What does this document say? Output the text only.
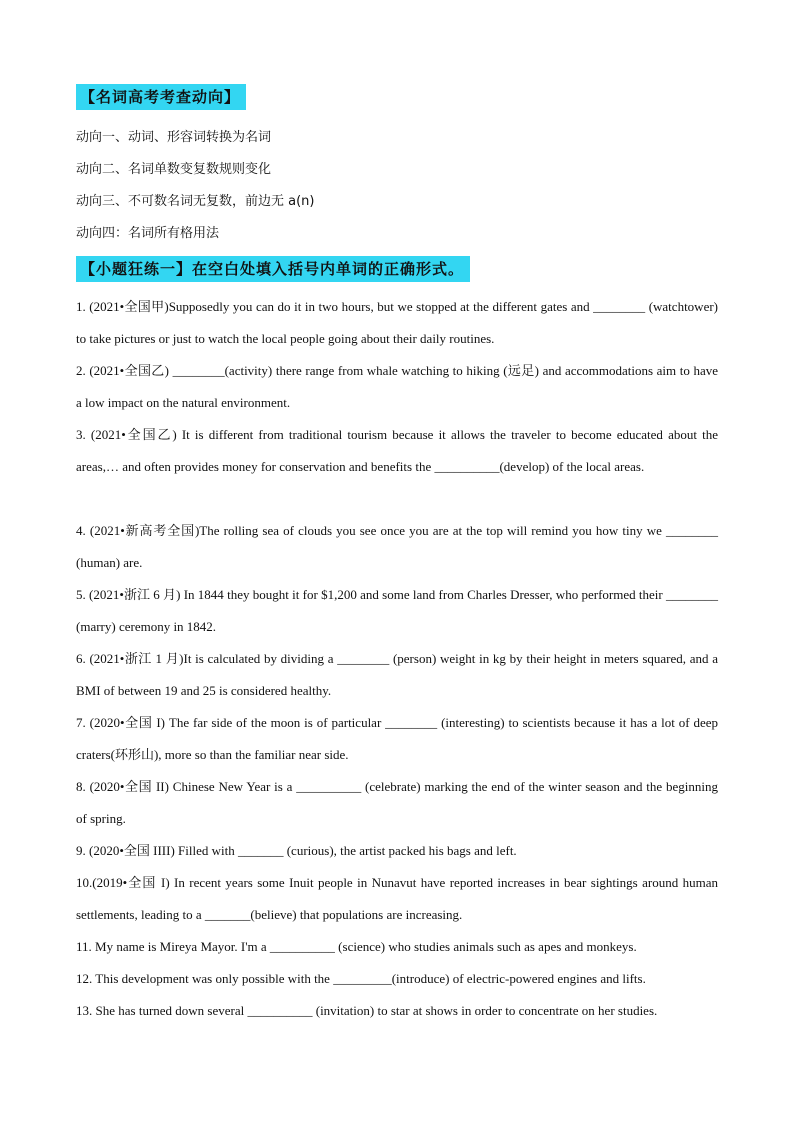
【名词高考考查动向】
动向一、动词、形容词转换为名词
动向二、名词单数变复数规则变化
动向三、不可数名词无复数，前边无 a(n)
动向四：名词所有格用法
【小题狂练一】在空白处填入括号内单词的正确形式。
1. (2021•全国甲)Supposedly you can do it in two hours, but we stopped at the different gates and ________ (watchtower) to take pictures or just to watch the local people going about their daily routines.
2. (2021•全国乙) ________(activity) there range from whale watching to hiking (远足) and accommodations aim to have a low impact on the natural environment.
3. (2021•全国乙) It is different from traditional tourism because it allows the traveler to become educated about the areas,… and often provides money for conservation and benefits the __________(develop) of the local areas.
4. (2021•新高考全国)The rolling sea of clouds you see once you are at the top will remind you how tiny we ________ (human) are.
5. (2021•浙江 6 月) In 1844 they bought it for $1,200 and some land from Charles Dresser, who performed their ________ (marry) ceremony in 1842.
6. (2021•浙江 1 月)It is calculated by dividing a ________ (person) weight in kg by their height in meters squared, and a BMI of between 19 and 25 is considered healthy.
7. (2020•全国 I) The far side of the moon is of particular ________ (interesting) to scientists because it has a lot of deep craters(环形山), more so than the familiar near side.
8. (2020•全国 II) Chinese New Year is a __________ (celebrate) marking the end of the winter season and the beginning of spring.
9. (2020•全国 IIII) Filled with _______ (curious), the artist packed his bags and left.
10.(2019•全国 I) In recent years some Inuit people in Nunavut have reported increases in bear sightings around human settlements, leading to a _______(believe) that populations are increasing.
11. My name is Mireya Mayor. I'm a __________ (science) who studies animals such as apes and monkeys.
12. This development was only possible with the _________(introduce) of electric-powered engines and lifts.
13. She has turned down several __________ (invitation) to star at shows in order to concentrate on her studies.
